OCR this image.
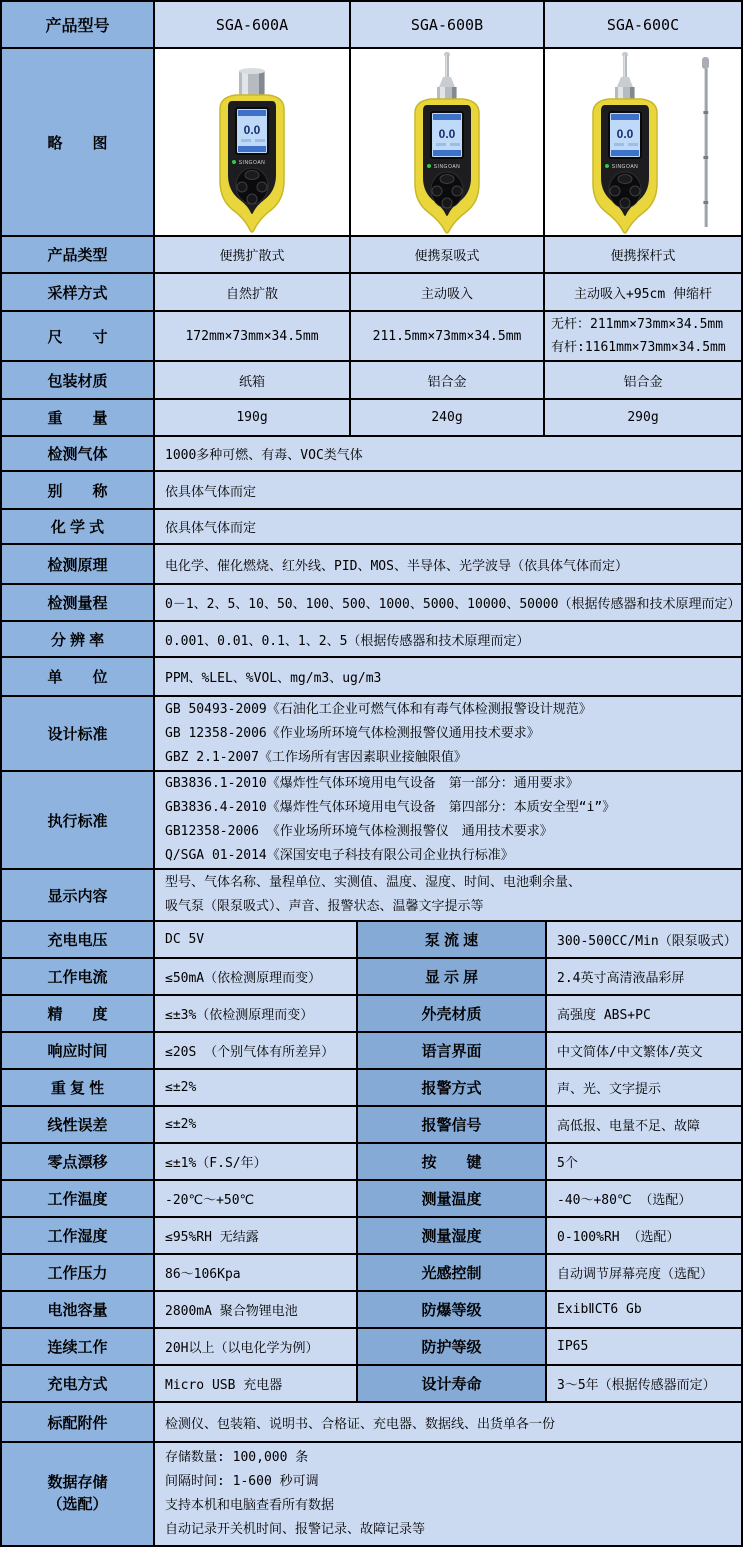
产品型号	SGA-600A	SGA-600B	SGA-600C
略　　图
0.0
SINGOAN
0.0
SINGOAN
0.0
SINGOAN
产品类型	便携扩散式	便携泵吸式	便携探杆式
采样方式	自然扩散	主动吸入	主动吸入+95cm 伸缩杆
尺　　寸	172mm×73mm×34.5mm	211.5mm×73mm×34.5mm
无杆：211mm×73mm×34.5mm
有杆:1161mm×73mm×34.5mm
包装材质	纸箱	铝合金	铝合金
重　　量	190g	240g	290g
检测气体	1000多种可燃、有毒、VOC类气体
别　　称	依具体气体而定
化 学 式	依具体气体而定
检测原理	电化学、催化燃烧、红外线、PID、MOS、半导体、光学波导（依具体气体而定）
检测量程	0－1、2、5、10、50、100、500、1000、5000、10000、50000（根据传感器和技术原理而定）
分 辨 率	0.001、0.01、0.1、1、2、5（根据传感器和技术原理而定）
单　　位	PPM、%LEL、%VOL、mg/m3、ug/m3
设计标准
GB 50493-2009《石油化工企业可燃气体和有毒气体检测报警设计规范》
GB 12358-2006《作业场所环境气体检测报警仪通用技术要求》
GBZ 2.1-2007《工作场所有害因素职业接触限值》
执行标准
GB3836.1-2010《爆炸性气体环境用电气设备　第一部分：通用要求》
GB3836.4-2010《爆炸性气体环境用电气设备　第四部分：本质安全型“i”》
GB12358-2006 《作业场所环境气体检测报警仪　通用技术要求》
Q/SGA 01-2014《深国安电子科技有限公司企业执行标准》
显示内容
型号、气体名称、量程单位、实测值、温度、湿度、时间、电池剩余量、
吸气泵（限泵吸式）、声音、报警状态、温馨文字提示等
充电电压	DC 5V	泵 流 速	300-500CC/Min（限泵吸式）
工作电流	≤50mA（依检测原理而变）	显 示 屏	2.4英寸高清液晶彩屏
精　　度	≤±3%（依检测原理而变）	外壳材质	高强度 ABS+PC
响应时间	≤20S （个别气体有所差异）	语言界面	中文简体/中文繁体/英文
重 复 性	≤±2%	报警方式	声、光、文字提示
线性误差	≤±2%	报警信号	高低报、电量不足、故障
零点漂移	≤±1%（F.S/年）	按　　键	5个
工作温度	-20℃～+50℃	测量温度	-40～+80℃ （选配）
工作湿度	≤95%RH 无结露	测量湿度	0-100%RH （选配）
工作压力	86～106Kpa	光感控制	自动调节屏幕亮度（选配）
电池容量	2800mA 聚合物锂电池	防爆等级	ExibⅡCT6 Gb
连续工作	20H以上（以电化学为例）	防护等级	IP65
充电方式	Micro USB 充电器	设计寿命	3～5年（根据传感器而定）
标配附件	检测仪、包装箱、说明书、合格证、充电器、数据线、出货单各一份
数据存储
（选配）
存储数量: 100,000 条
间隔时间: 1-600 秒可调
支持本机和电脑查看所有数据
自动记录开关机时间、报警记录、故障记录等
